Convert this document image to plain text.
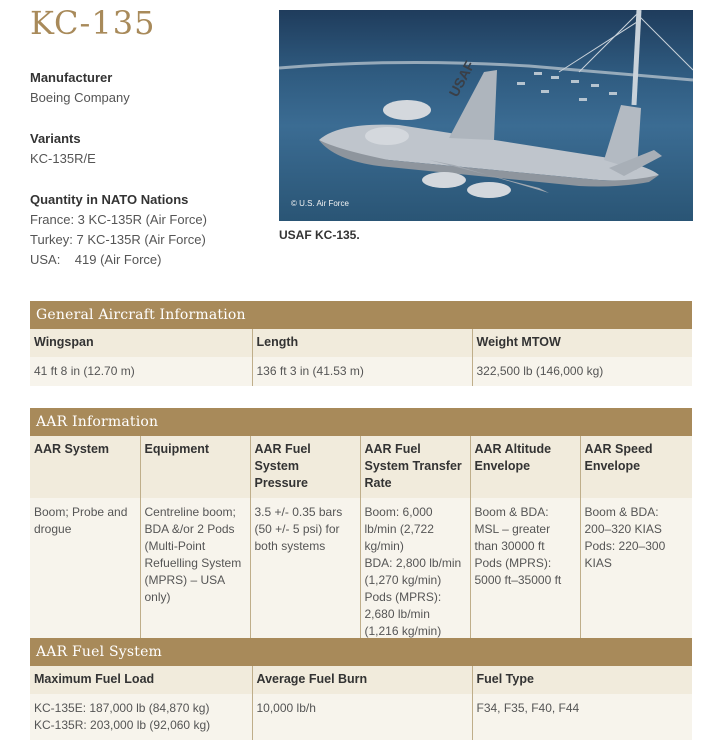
KC-135
Manufacturer
Boeing Company
Variants
KC-135R/E
Quantity in NATO Nations
France: 3 KC-135R (Air Force)
Turkey: 7 KC-135R (Air Force)
USA:    419 (Air Force)
USAF
© U.S. Air Force
USAF KC-135.
General Aircraft Information		
Wingspan	Length	Weight MTOW
41 ft 8 in (12.70 m)	136 ft 3 in (41.53 m)	322,500 lb (146,000 kg)
AAR Information					
AAR System	Equipment	AAR Fuel System Pressure	AAR Fuel System Transfer Rate	AAR Altitude Envelope	AAR Speed Envelope
Boom; Probe and drogue	Centreline boom; BDA &/or 2 Pods (Multi-Point Refuelling System (MPRS) – USA only)	3.5 +/- 0.35 bars (50 +/- 5 psi) for both systems	Boom: 6,000 lb/min (2,722 kg/min)
BDA: 2,800 lb/min (1,270 kg/min)
Pods (MPRS): 2,680 lb/min (1,216 kg/min)	Boom & BDA: MSL – greater than 30000 ft
Pods (MPRS): 5000 ft–35000 ft	Boom & BDA: 200–320 KIAS
Pods: 220–300 KIAS
AAR Fuel System		
Maximum Fuel Load	Average Fuel Burn	Fuel Type
KC-135E: 187,000 lb (84,870 kg)
KC-135R: 203,000 lb (92,060 kg)	10,000 lb/h	F34, F35, F40, F44
